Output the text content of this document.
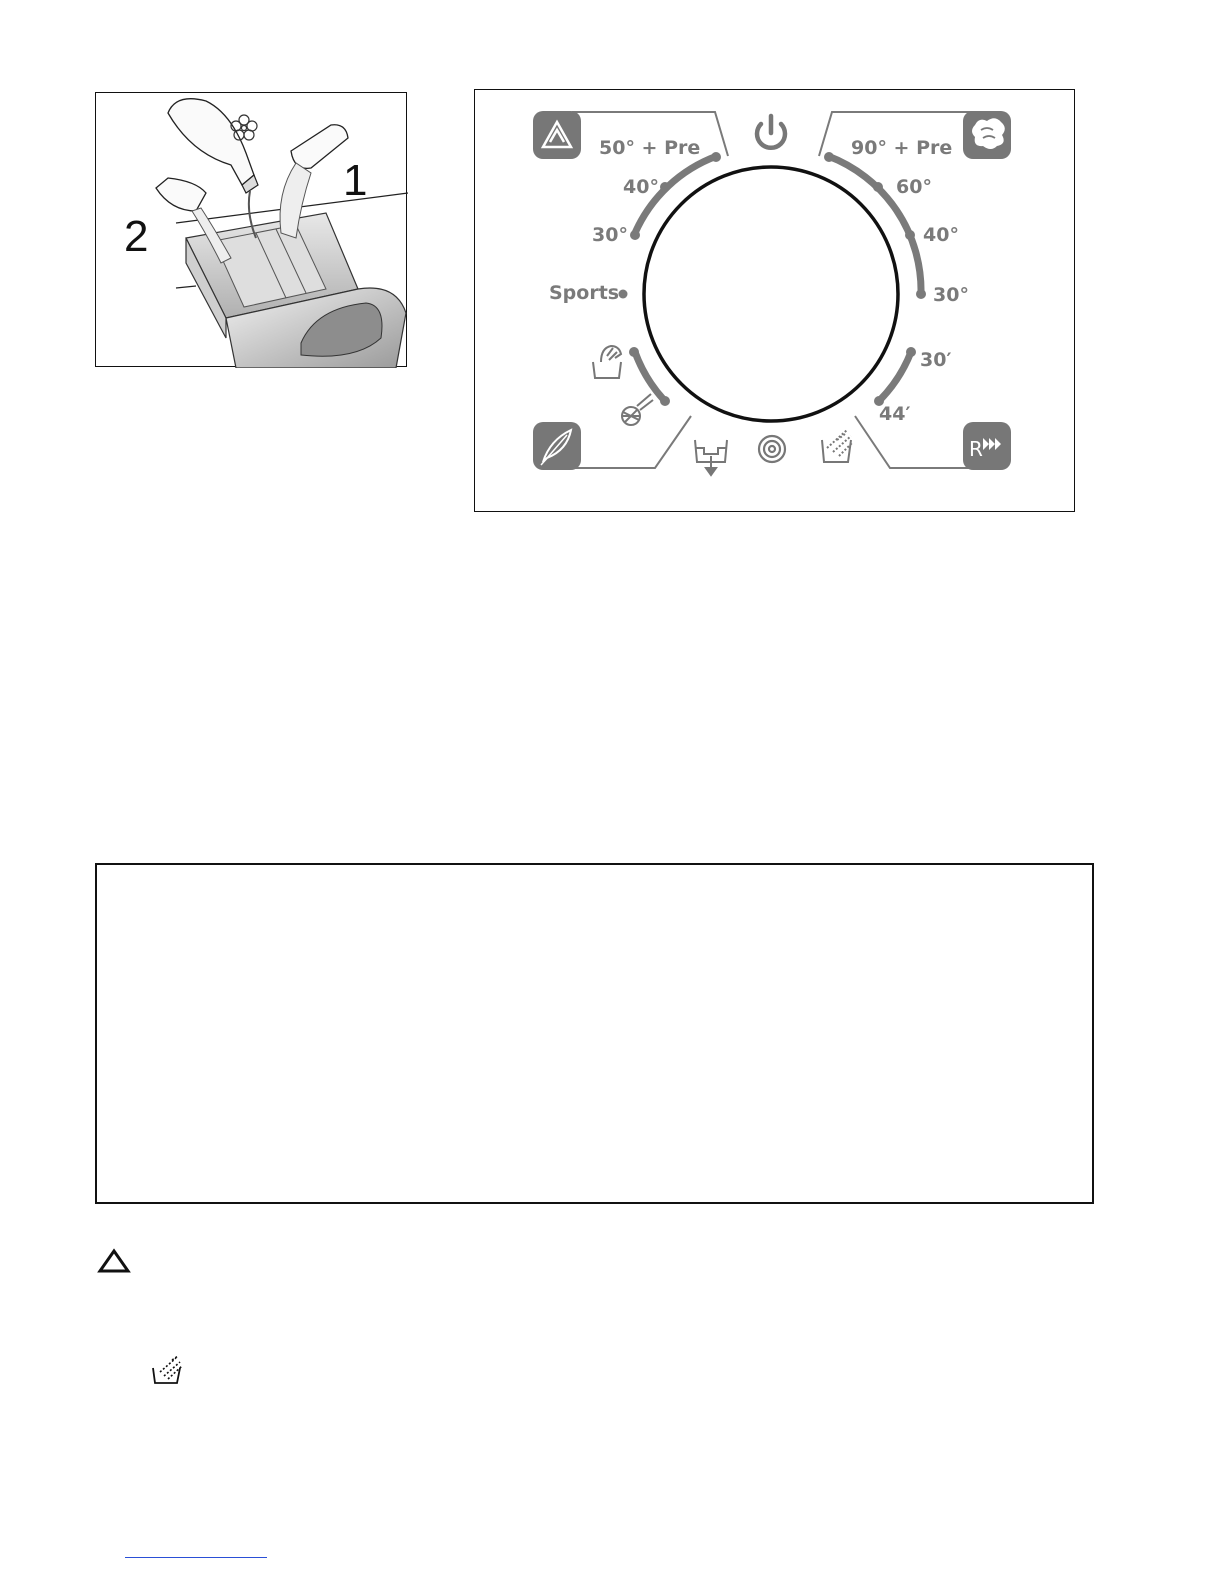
1
2
R
50° + Pre
40°
30°
Sports
90° + Pre
60°
40°
30°
30′
44′
